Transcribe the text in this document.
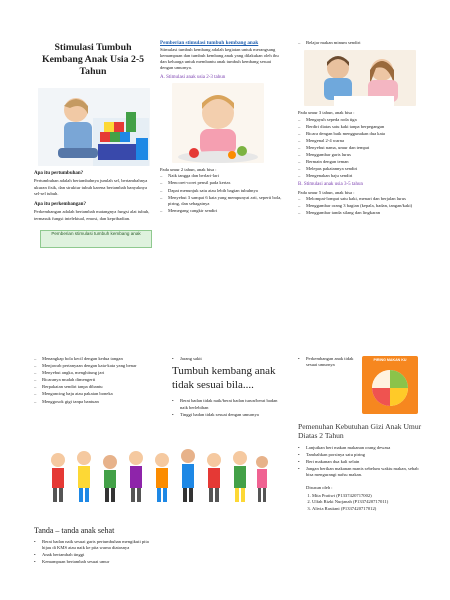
Stimulasi Tumbuh Kembang Anak Usia 2-5 Tahun

Apa itu pertumbuhan?

Pertumbuhan adalah bertambahnya jumlah sel, bertambahnya ukuran fisik, dan struktur tubuh karena bertambah banyaknya sel-sel tubuh.

Apa itu perkembangan?

Perkembangan adalah bertambah matangnya fungsi alat tubuh, termasuk fungsi intelektual, emosi, dan kepribadian.

Pemberian stimulasi tumbuh kembang anak
Pemberian stimulasi tumbuh kembang anak

Stimulasi tumbuh kembang adalah kegiatan untuk merangsang kemampuan dan tumbuh kembang anak yang dilakukan oleh ibu dan keluarga untuk membantu anak tumbuh kembang sesuai dengan umurnya.

A. Stimulasi anak usia 2-3 tahun

Pada umur 2 tahun, anak bisa :

– Naik tangga dan berlari-lari
– Mencoret-coret pensil pada kertas
– Dapat menunjuk satu atau lebih bagian tubuhnya
– Menyebut 3 sampai 6 kata yang mempunyai arti, seperti bola, piring, dan sebagainya
– Memegang cangkir sendiri
– Belajar makan minum sendiri

Pada umur 3 tahun, anak bisa :

– Mengayuh sepeda roda tiga
– Berdiri diatas satu kaki tanpa berpegangan
– Bicara dengan baik menggunakan dua kata
– Mengenal 2-4 warna
– Menyebut nama, umur dan tempat
– Menggambar garis lurus
– Bermain dengan teman
– Melepas pakaiannya sendiri
– Mengenakan baju sendiri
B. Stimulasi anak usia 3-5 tahun

Pada umur 5 tahun, anak bisa :

– Melompat-lompat satu kaki, menari dan berjalan lurus
– Menggambar orang 3 bagian (kepala, badan, tangan/kaki)
– Menggambar tanda silang dan lingkaran
– Menangkap bola kecil dengan kedua tangan
– Menjawab pertanyaan dengan kata-kata yang benar
– Menyebut angka, menghitung jari
– Bicaranya mudah dimengerti
– Berpakaian sendiri tanpa dibantu
– Mengancing baju atau pakaian boneka
– Menggosok gigi tanpa bantuan
Tanda – tanda anak sehat
• Berat badan naik sesuai garis pertumbuhan mengikuti pita hijau di KMS atau naik ke pita warna diatasnya
• Anak bertambah tinggi
• Kemampuan bertambah sesuai umur
• Jarang sakit
Tumbuh kembang anak tidak sesuai bila....
• Berat badan tidak naik/berat badan turun/berat badan naik berlebihan
• Tinggi badan tidak sesuai dengan umurnya
• Perkembangan anak tidak sesuai umurnya
PIRING MAKAN KU
Pemenuhan Kebutuhan Gizi Anak Umur Diatas 2 Tahun
• Lanjutkan beri makan makanan orang dewasa
• Tambahkan porsinya satu piring
• Beri makanan dua kali selain
• Jangan berikan makanan manis sebelum waktu makan, sebab bisa mengurangi nafsu makan.

Disusun oleh :

1. Mita Pratiwi (P1337420717002)
2. Ulfah Rizki Nurjanah (P1337420717011)
3. Alivia Rastiani (P1337420717012)
